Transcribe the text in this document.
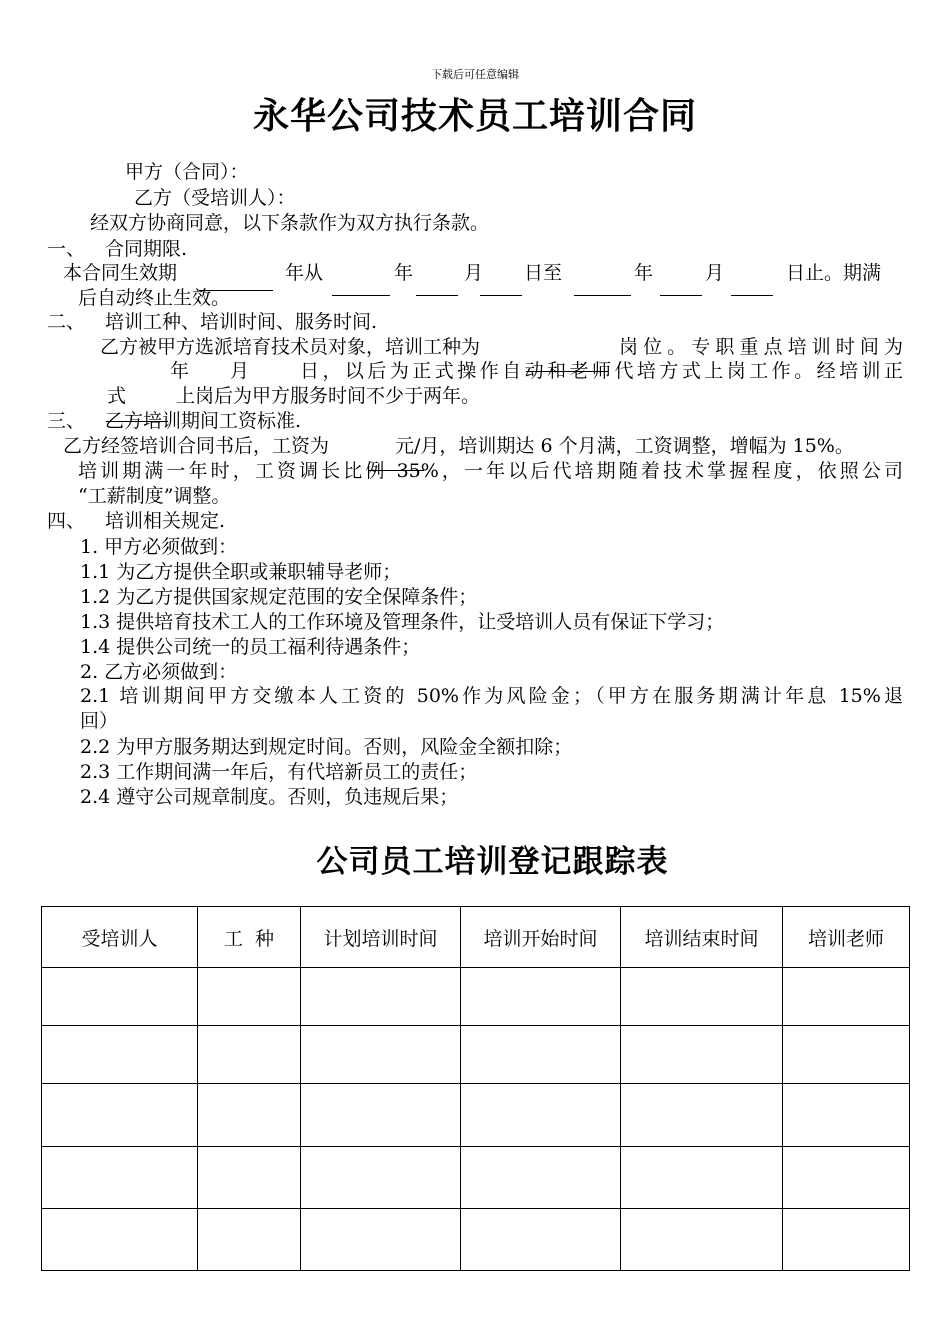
下载后可任意编辑
永华公司技术员工培训合同
甲方（合同）：
乙方（受培训人）：
经双方协商同意，以下条款作为双方执行条款。
一、 合同期限.
本合同生效期	年从	年	月 日至	年	月	日止。期满
后自动终止生效。
二、 培训工种、培训时间、服务时间.
乙方被甲方选派培育技术员对象，培训工种为	岗位。专职重点培训时间为
年 月	日，以后为正式操作自动和老师代培方式上岗工作。经培训正
式	上岗后为甲方服务时间不少于两年。
三、 乙方培训期间工资标准.
乙方经签培训合同书后，工资为	元/月，培训期达 6 个月满，工资调整，增幅为 15%。
培训期满一年时，工资调长比例 35%，一年以后代培期随着技术掌握程度，依照公司
“工薪制度”调整。
四、 培训相关规定.
1. 甲方必须做到：
1.1 为乙方提供全职或兼职辅导老师；
1.2 为乙方提供国家规定范围的安全保障条件；
1.3 提供培育技术工人的工作环境及管理条件，让受培训人员有保证下学习；
1.4 提供公司统一的员工福利待遇条件；
2. 乙方必须做到：
2.1 培训期间甲方交缴本人工资的 50%作为风险金；（甲方在服务期满计年息 15%退
回）
2.2 为甲方服务期达到规定时间。否则，风险金全额扣除；
2.3 工作期间满一年后，有代培新员工的责任；
2.4 遵守公司规章制度。否则，负违规后果；
公司员工培训登记跟踪表
受培训人	工  种	计划培训时间	培训开始时间	培训结束时间	培训老师
